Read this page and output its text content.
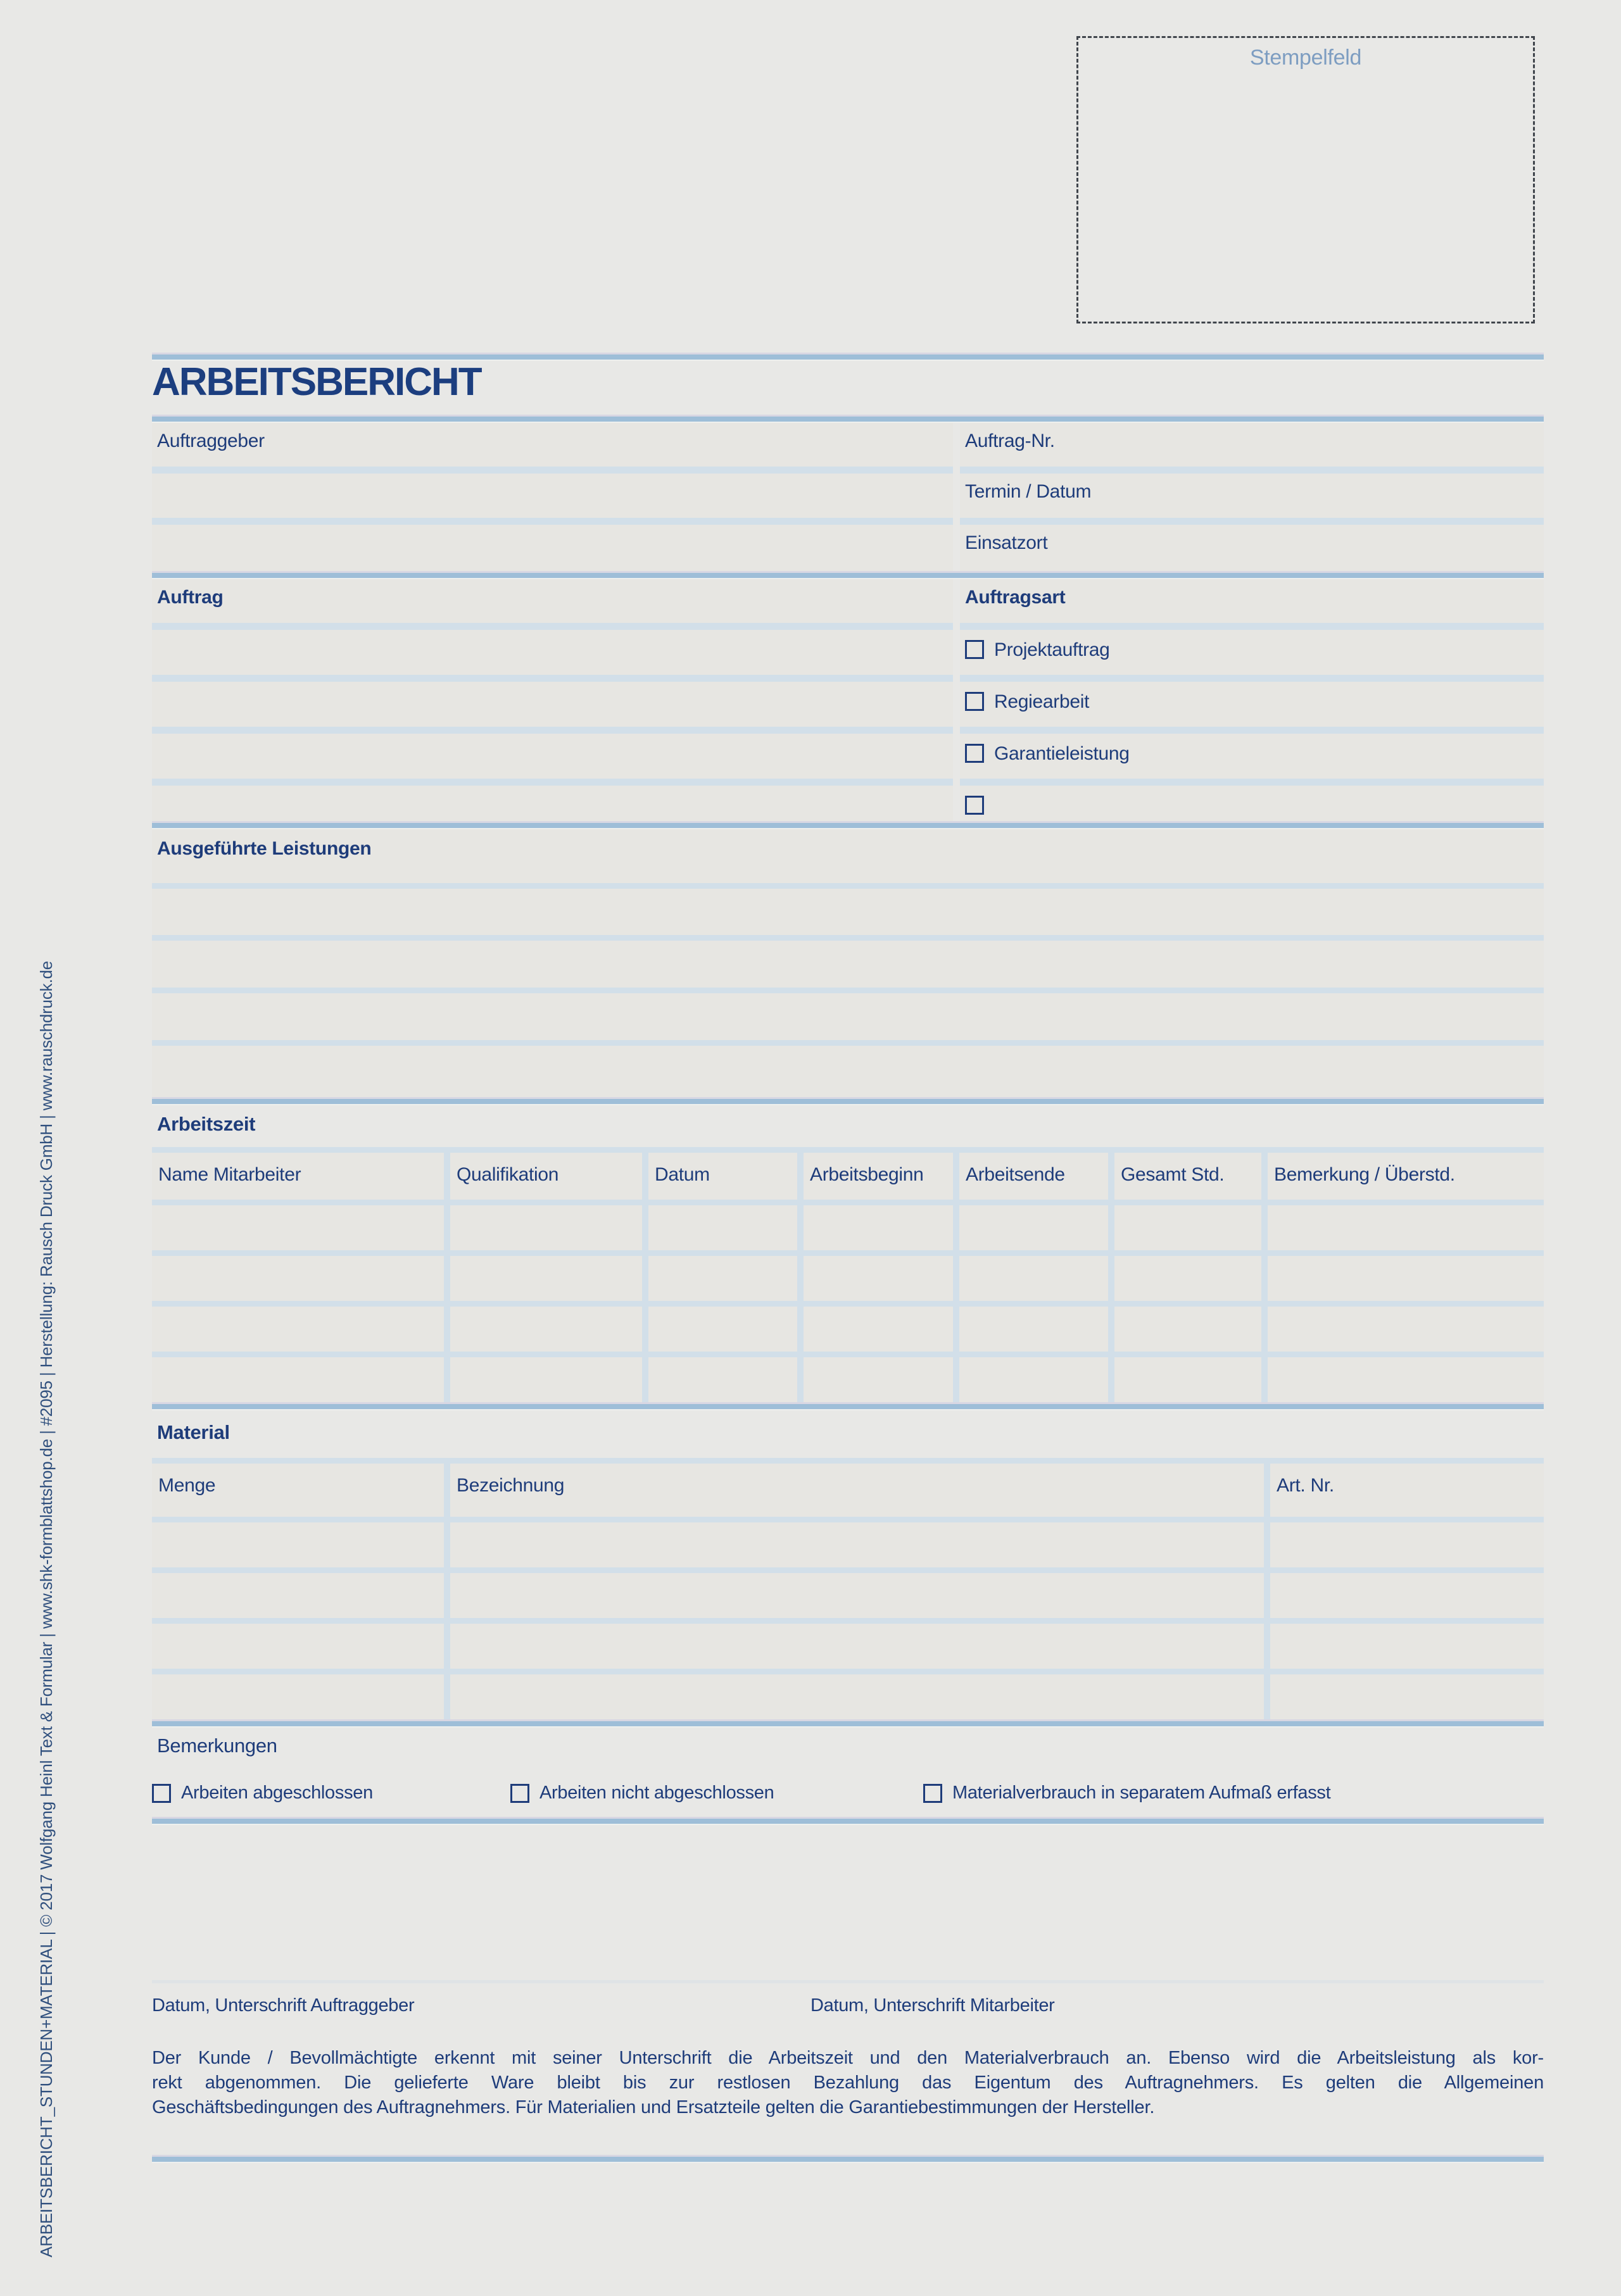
ARBEITSBERICHT_STUNDEN+MATERIAL | © 2017 Wolfgang Heinl Text & Formular | www.shk-formblattshop.de | #2095 | Herstellung: Rausch Druck GmbH | www.rauschdruck.de
Stempelfeld
ARBEITSBERICHT
Auftraggeber	Auftrag-Nr.
Termin / Datum
Einsatzort
Auftrag	Auftragsart
Projektauftrag
Regiearbeit
Garantieleistung
Ausgeführte Leistungen
Arbeitszeit
Name Mitarbeiter	Qualifikation	Datum	Arbeitsbeginn	Arbeitsende	Gesamt Std.	Bemerkung / Überstd.
Material
Menge	Bezeichnung	Art. Nr.
Bemerkungen
Arbeiten abgeschlossen	Arbeiten nicht abgeschlossen	Materialverbrauch in separatem Aufmaß erfasst
Datum, Unterschrift Auftraggeber	Datum, Unterschrift Mitarbeiter
Der Kunde / Bevollmächtigte erkennt mit seiner Unterschrift die Arbeitszeit und den Materialverbrauch an. Ebenso wird die Arbeitsleistung als kor-
rekt abgenommen. Die gelieferte Ware bleibt bis zur restlosen Bezahlung das Eigentum des Auftragnehmers. Es gelten die Allgemeinen
Geschäftsbedingungen des Auftragnehmers. Für Materialien und Ersatzteile gelten die Garantiebestimmungen der Hersteller.
